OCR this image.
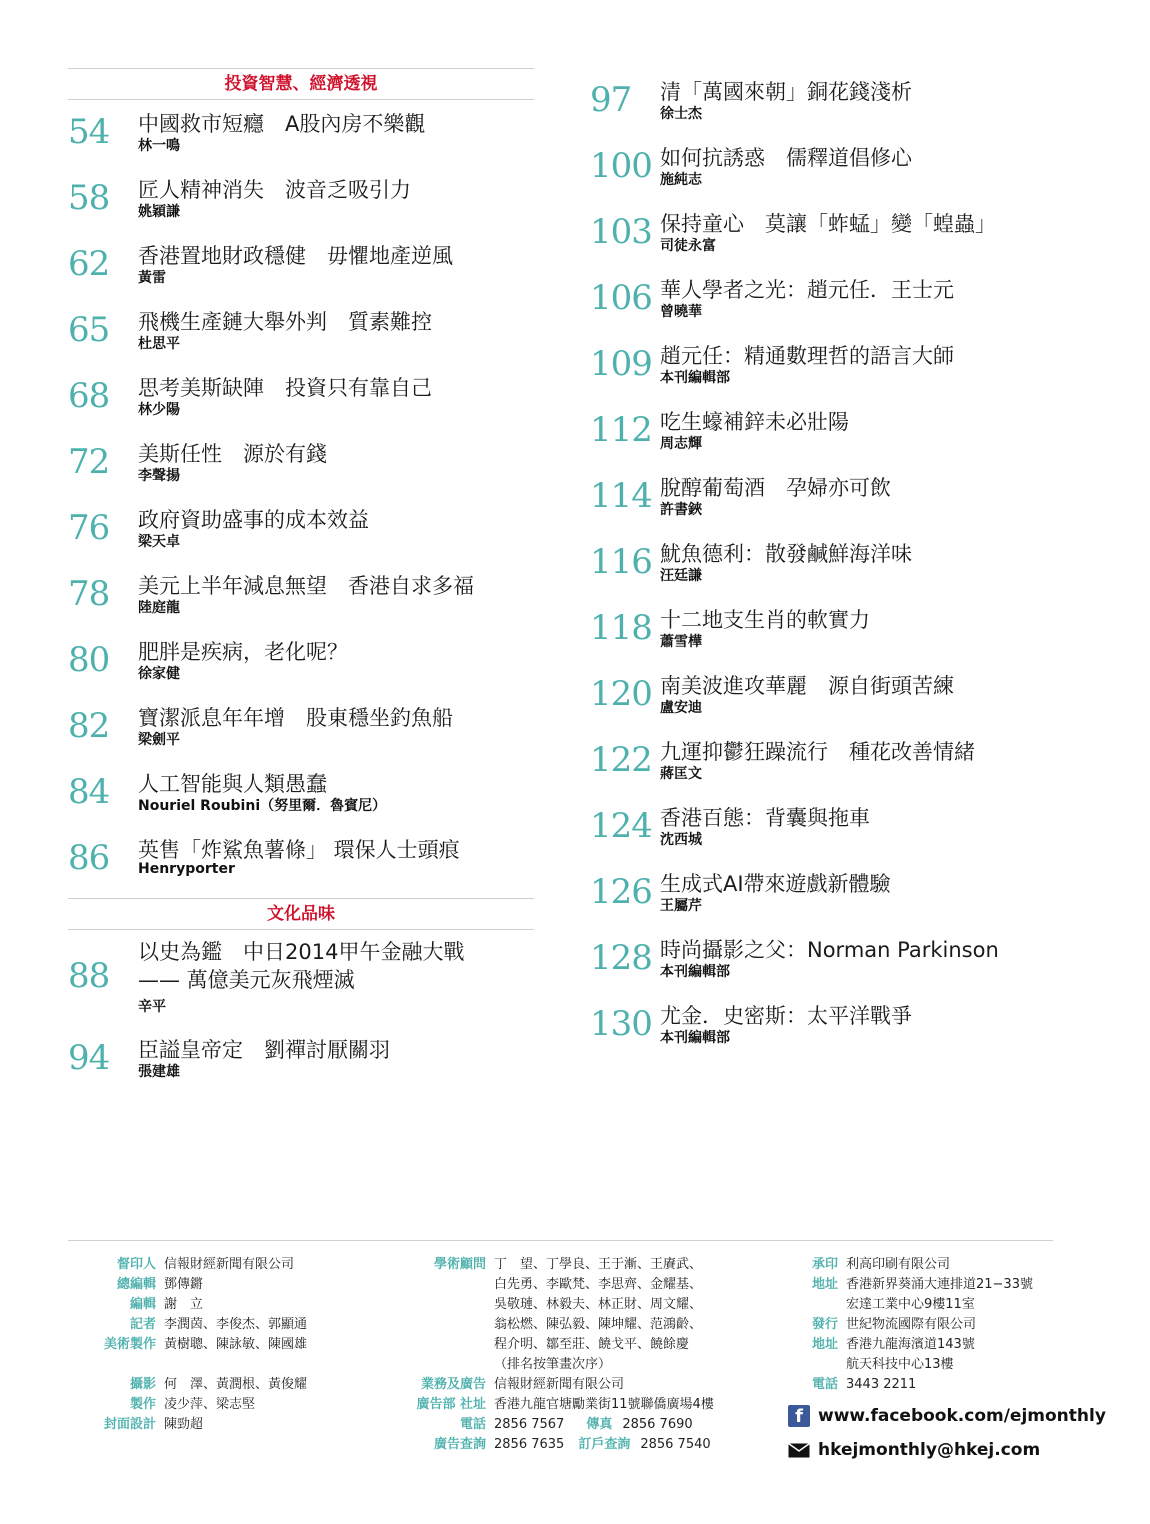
投資智慧、經濟透視
54 中國救市短癮　A股內房不樂觀
林一鳴
58 匠人精神消失　波音乏吸引力
姚穎謙
62 香港置地財政穩健　毋懼地產逆風
黃雷
65 飛機生產鏈大舉外判　質素難控
杜思平
68 思考美斯缺陣　投資只有靠自己
林少陽
72 美斯任性　源於有錢
李聲揚
76 政府資助盛事的成本效益
梁天卓
78 美元上半年減息無望　香港自求多福
陸庭龍
80 肥胖是疾病，老化呢？
徐家健
82 寶潔派息年年增　股東穩坐釣魚船
梁劍平
84 人工智能與人類愚蠢
Nouriel Roubini（努里爾．魯賓尼）
86 英售「炸鯊魚薯條」 環保人士頭痕
Henryporter
文化品味
88
以史為鑑　中日2014甲午金融大戰
—— 萬億美元灰飛煙滅
辛平
94 臣謚皇帝定　劉禪討厭關羽
張建雄
97 清「萬國來朝」銅花錢淺析
徐士杰
100 如何抗誘惑　儒釋道倡修心
施純志
103 保持童心　莫讓「蚱蜢」變「蝗蟲」
司徒永富
106 華人學者之光：趙元任．王士元
曾曉華
109 趙元任：精通數理哲的語言大師
本刊編輯部
112 吃生蠔補鋅未必壯陽
周志輝
114 脫醇葡萄酒　孕婦亦可飲
許書鋏
116 魷魚德利：散發鹹鮮海洋味
汪廷謙
118 十二地支生肖的軟實力
蕭雪樺
120 南美波進攻華麗　源自街頭苦練
盧安迪
122 九運抑鬱狂躁流行　種花改善情緒
蔣匡文
124 香港百態：背囊與拖車
沈西城
126 生成式AI帶來遊戲新體驗
王屬芹
128 時尚攝影之父：Norman Parkinson
本刊編輯部
130 尤金．史密斯：太平洋戰爭
本刊編輯部
督印人 信報財經新聞有限公司
總編輯 鄧傳鏘
編輯 謝　立
記者 李潤茵、李俊杰、郭顯通
美術製作 黃樹聰、陳詠敏、陳國雄
攝影 何　澤、黃潤根、黃俊耀
製作 凌少萍、梁志堅
封面設計 陳勁超
學術顧問 丁　望、丁學良、王于漸、王賡武、
白先勇、李歐梵、李思齊、金耀基、
吳敬璉、林毅夫、林正財、周文耀、
翁松燃、陳弘毅、陳坤耀、范鴻齡、
程介明、鄒至莊、饒戈平、饒餘慶
（排名按筆畫次序）
業務及廣告 信報財經新聞有限公司
廣告部 社址 香港九龍官塘勵業街11號聯僑廣場4樓
電話 2856 7567 傳真 2856 7690
廣告查詢 2856 7635 訂戶查詢 2856 7540
承印 利高印刷有限公司
地址 香港新界葵涌大連排道21−33號
宏達工業中心9樓11室
發行 世紀物流國際有限公司
地址 香港九龍海濱道143號
航天科技中心13樓
電話 3443 2211
f www.facebook.com/ejmonthly
hkejmonthly@hkej.com
